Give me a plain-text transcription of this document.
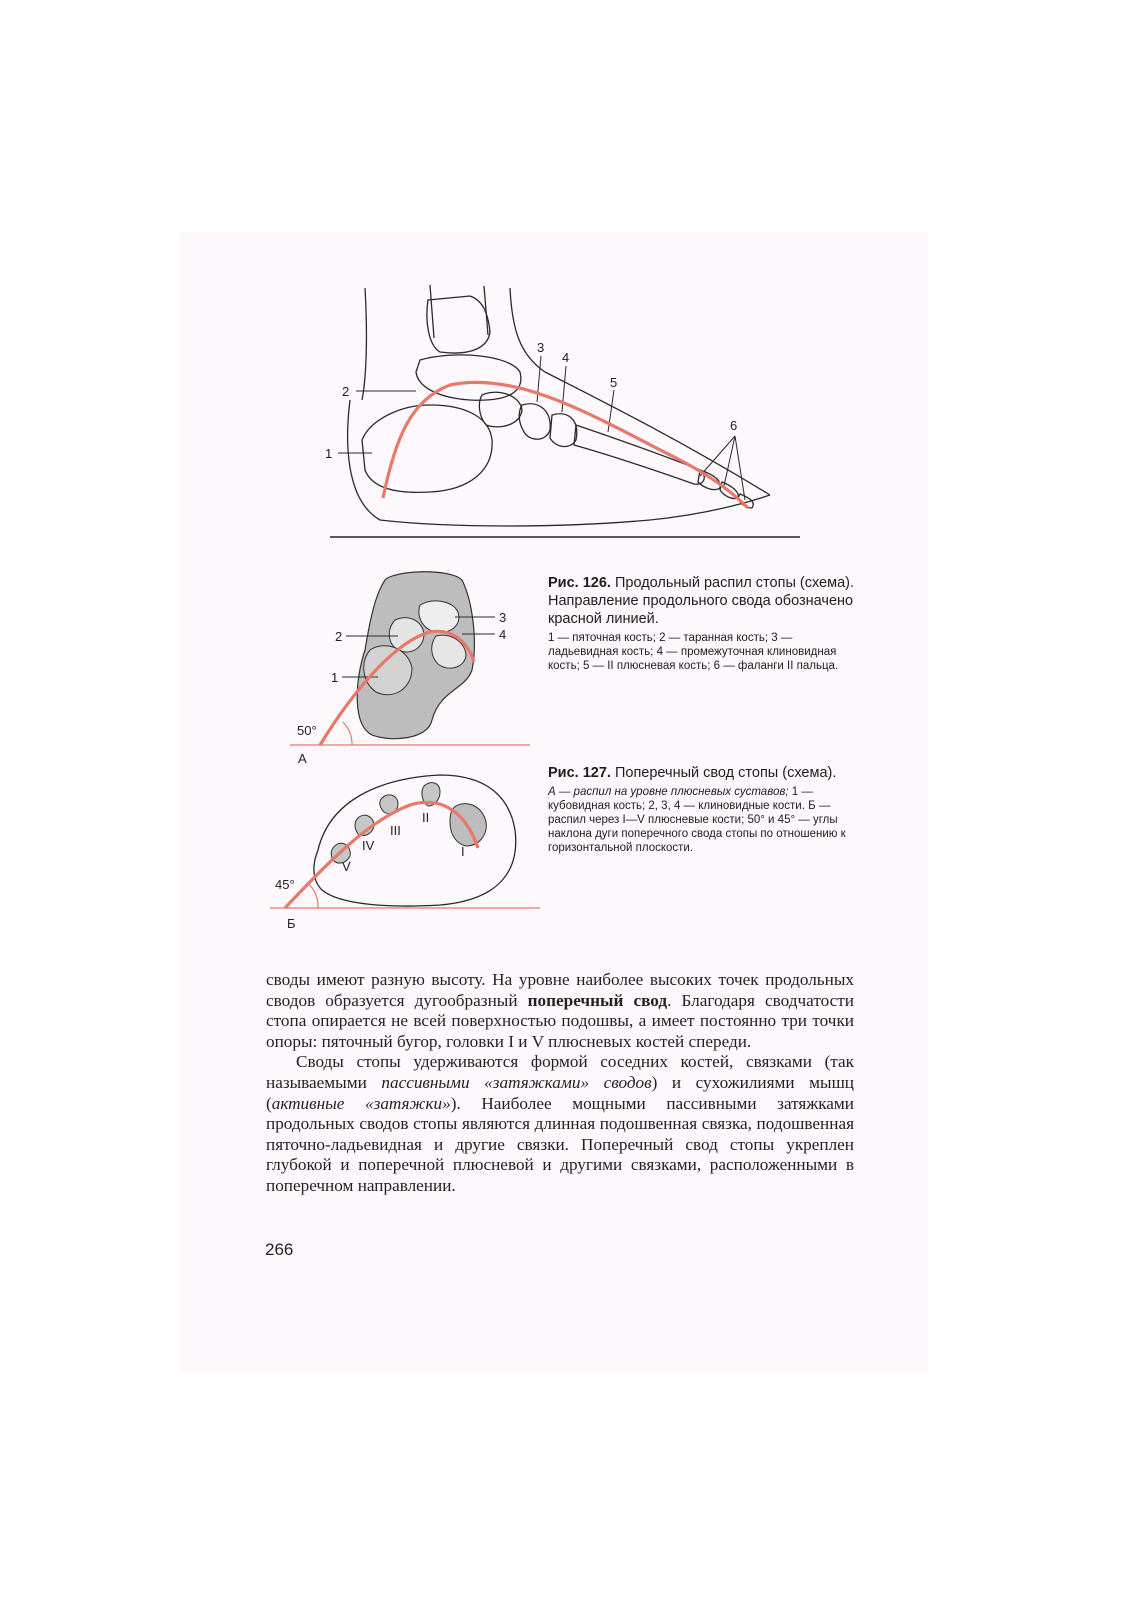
2
1
3
4
5
6
2
1
3
4
50°
А
I
II
III
IV
V
45°
Б
Рис. 126. Продольный распил стопы (схема). Направление продольного свода обозначено красной линией.
1 — пяточная кость; 2 — таранная кость; 3 — ладьевидная кость; 4 — промежуточная клиновидная кость; 5 — II плюсневая кость; 6 — фаланги II пальца.
Рис. 127. Поперечный свод стопы (схема).
А — распил на уровне плюсневых суставов; 1 — кубовидная кость; 2, 3, 4 — клиновидные кости. Б — распил через I—V плюсневые кости; 50° и 45° — углы наклона дуги поперечного свода стопы по отношению к горизонтальной плоскости.

своды имеют разную высоту. На уровне наиболее высоких точек продольных сводов образуется дугообразный поперечный свод. Благодаря сводчатости стопа опирается не всей поверхностью подошвы, а имеет постоянно три точки опоры: пяточный бугор, головки I и V плюсневых костей спереди.

Своды стопы удерживаются формой соседних костей, связками (так называемыми пассивными «затяжками» сводов) и сухожилиями мышц (активные «затяжки»). Наиболее мощными пассивными затяжками продольных сводов стопы являются длинная подошвенная связка, подошвенная пяточно-ладьевидная и другие связки. Поперечный свод стопы укреплен глубокой и поперечной плюсневой и другими связками, расположенными в поперечном направлении.

266
